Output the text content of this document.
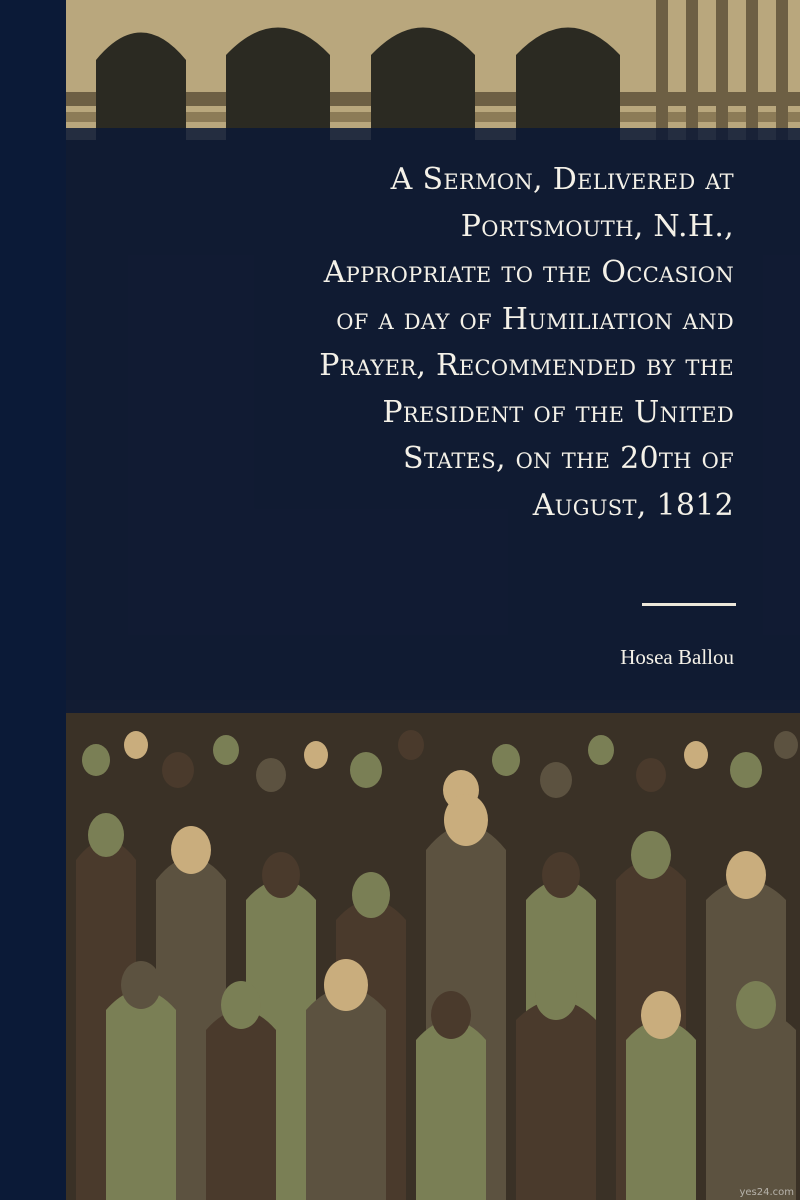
A Sermon, Delivered at
Portsmouth, N.H.,
Appropriate to the Occasion
of a day of Humiliation and
Prayer, Recommended by the
President of the United
States, on the 20th of
August, 1812

Hosea Ballou

yes24.com
